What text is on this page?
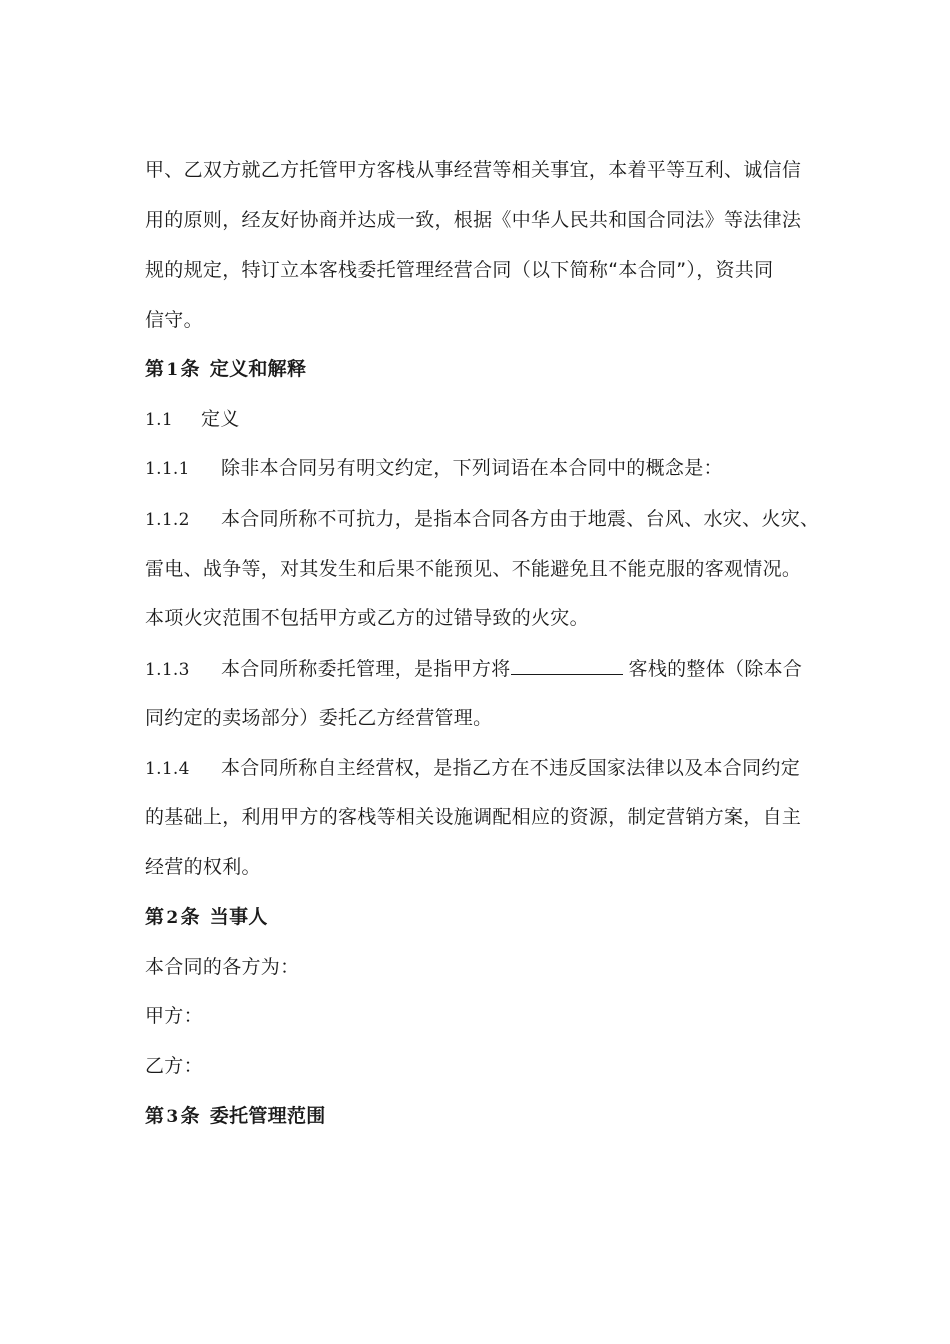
甲、乙双方就乙方托管甲方客栈从事经营等相关事宜，本着平等互利、诚信信
用的原则，经友好协商并达成一致，根据《中华人民共和国合同法》等法律法
规的规定，特订立本客栈委托管理经营合同（以下简称“本合同”），资共同
信守。
第 1 条 定义和解释
1.1 定义
1.1.1 除非本合同另有明文约定，下列词语在本合同中的概念是：
1.1.2 本合同所称不可抗力，是指本合同各方由于地震、台风、水灾、火灾、
雷电、战争等，对其发生和后果不能预见、不能避免且不能克服的客观情况。
本项火灾范围不包括甲方或乙方的过错导致的火灾。
1.1.3 本合同所称委托管理，是指甲方将	客栈的整体（除本合
同约定的卖场部分）委托乙方经营管理。
1.1.4 本合同所称自主经营权，是指乙方在不违反国家法律以及本合同约定
的基础上，利用甲方的客栈等相关设施调配相应的资源，制定营销方案，自主
经营的权利。
第 2 条 当事人
本合同的各方为：
甲方：
乙方：
第 3 条 委托管理范围
